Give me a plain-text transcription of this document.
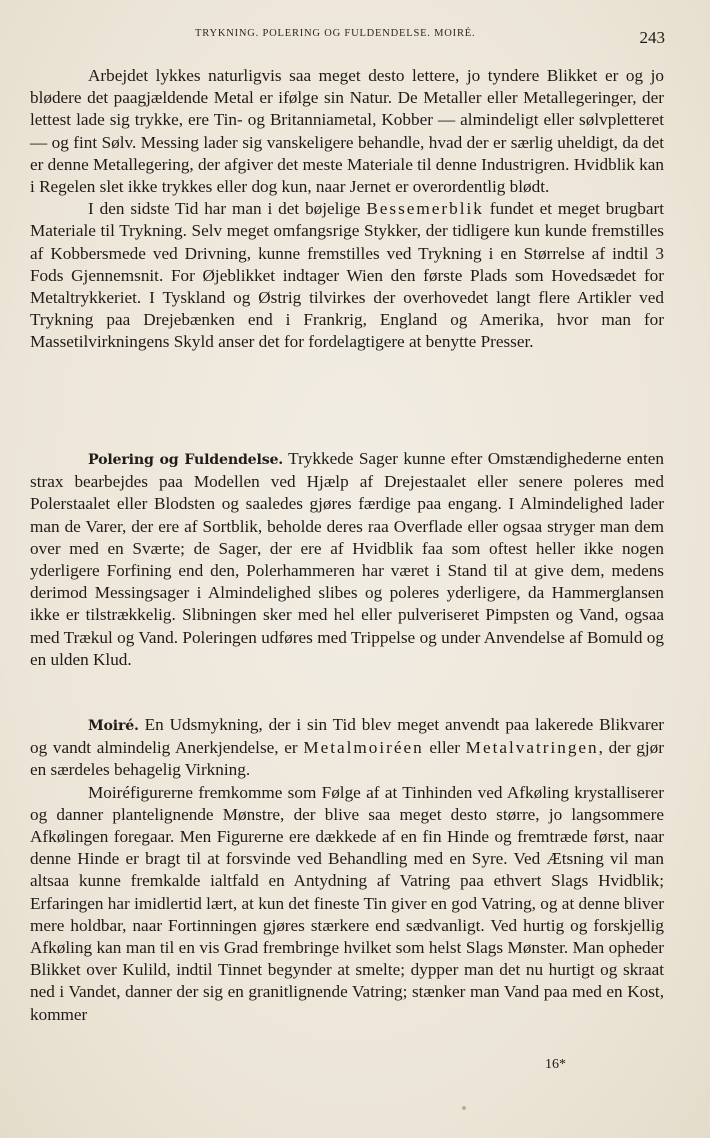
TRYKNING. POLERING OG FULDENDELSE. MOIRÉ.	243

Arbejdet lykkes naturligvis saa meget desto lettere, jo tyndere Blikket er og jo blødere det paagjældende Metal er ifølge sin Natur. De Metaller eller Metallegeringer, der lettest lade sig trykke, ere Tin- og Britanniametal, Kobber — almindeligt eller sølvpletteret — og fint Sølv. Messing lader sig vanskeligere behandle, hvad der er særlig uheldigt, da det er denne Metallegering, der afgiver det meste Materiale til denne Industrigren. Hvidblik kan i Regelen slet ikke trykkes eller dog kun, naar Jernet er overordentlig blødt.

I den sidste Tid har man i det bøjelige Bessemerblik fundet et meget brugbart Materiale til Trykning. Selv meget omfangsrige Stykker, der tidligere kun kunde fremstilles af Kobbersmede ved Drivning, kunne fremstilles ved Trykning i en Størrelse af indtil 3 Fods Gjennemsnit. For Øjeblikket indtager Wien den første Plads som Hovedsædet for Metaltrykkeriet. I Tyskland og Østrig tilvirkes der overhovedet langt flere Artikler ved Trykning paa Drejebænken end i Frankrig, England og Amerika, hvor man for Massetilvirkningens Skyld anser det for fordelagtigere at benytte Presser.

Polering og Fuldendelse. Trykkede Sager kunne efter Omstændighederne enten strax bearbejdes paa Modellen ved Hjælp af Drejestaalet eller senere poleres med Polerstaalet eller Blodsten og saaledes gjøres færdige paa engang. I Almindelighed lader man de Varer, der ere af Sortblik, beholde deres raa Overflade eller ogsaa stryger man dem over med en Sværte; de Sager, der ere af Hvidblik faa som oftest heller ikke nogen yderligere Forfining end den, Polerhammeren har været i Stand til at give dem, medens derimod Messingsager i Almindelighed slibes og poleres yderligere, da Hammerglansen ikke er tilstrækkelig. Slibningen sker med hel eller pulveriseret Pimpsten og Vand, ogsaa med Trækul og Vand. Poleringen udføres med Trippelse og under Anvendelse af Bomuld og en ulden Klud.

Moiré. En Udsmykning, der i sin Tid blev meget anvendt paa lakerede Blikvarer og vandt almindelig Anerkjendelse, er Metalmoiréen eller Metalvatringen, der gjør en særdeles behagelig Virkning.

Moiréfigurerne fremkomme som Følge af at Tinhinden ved Afkøling krystalliserer og danner plantelignende Mønstre, der blive saa meget desto større, jo langsommere Afkølingen foregaar. Men Figurerne ere dækkede af en fin Hinde og fremtræde først, naar denne Hinde er bragt til at forsvinde ved Behandling med en Syre. Ved Ætsning vil man altsaa kunne fremkalde ialtfald en Antydning af Vatring paa ethvert Slags Hvidblik; Erfaringen har imidlertid lært, at kun det fineste Tin giver en god Vatring, og at denne bliver mere holdbar, naar Fortinningen gjøres stærkere end sædvanligt. Ved hurtig og forskjellig Afkøling kan man til en vis Grad frembringe hvilket som helst Slags Mønster. Man opheder Blikket over Kulild, indtil Tinnet begynder at smelte; dypper man det nu hurtigt og skraat ned i Vandet, danner der sig en granitlignende Vatring; stænker man Vand paa med en Kost, kommer

16*
